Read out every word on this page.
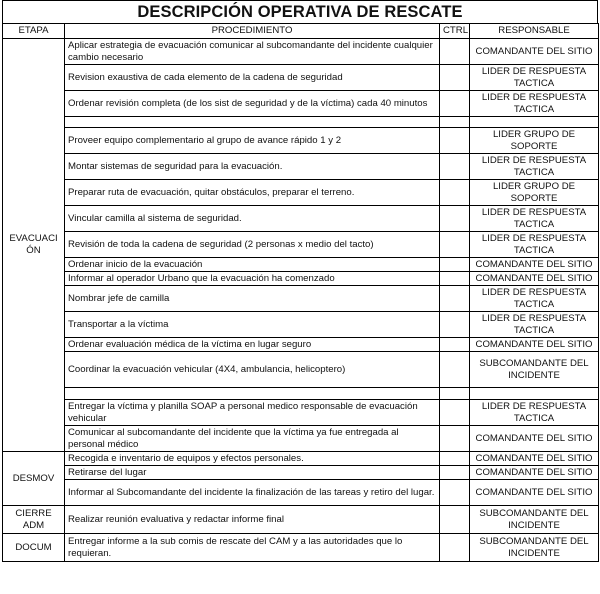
DESCRIPCIÓN OPERATIVA DE RESCATE
ETAPA	PROCEDIMIENTO	CTRL	RESPONSABLE
EVACUACIÓN	Aplicar estrategia de evacuación comunicar al subcomandante del incidente cualquier cambio necesario		COMANDANTE DEL SITIO
	Revision exaustiva de cada elemento de la cadena de seguridad		LIDER DE RESPUESTA TACTICA
	Ordenar revisión completa (de los sist de seguridad y de la víctima) cada 40 minutos		LIDER DE RESPUESTA TACTICA

	Proveer equipo complementario al grupo de avance rápido 1 y 2		LIDER GRUPO DE SOPORTE
	Montar sistemas de seguridad para la evacuación.		LIDER DE RESPUESTA TACTICA
	Preparar ruta de evacuación, quitar obstáculos, preparar el terreno.		LIDER GRUPO DE SOPORTE
	Vincular camilla al sistema de seguridad.		LIDER DE RESPUESTA TACTICA
	Revisión de toda la cadena de seguridad (2 personas x medio del tacto)		LIDER DE RESPUESTA TACTICA
	Ordenar inicio de la evacuación		COMANDANTE DEL SITIO
	Informar al operador Urbano que la evacuación ha comenzado		COMANDANTE DEL SITIO
	Nombrar jefe de camilla		LIDER DE RESPUESTA TACTICA
	Transportar a la víctima		LIDER DE RESPUESTA TACTICA
	Ordenar evaluación médica de la víctima en lugar seguro		COMANDANTE DEL SITIO
	Coordinar la evacuación vehicular (4X4, ambulancia, helicoptero)		SUBCOMANDANTE DEL INCIDENTE

	Entregar la víctima y planilla SOAP a personal medico responsable de evacuación vehicular		LIDER DE RESPUESTA TACTICA
	Comunicar al subcomandante del incidente que la víctima ya fue entregada al personal médico		COMANDANTE DEL SITIO
DESMOV	Recogida e inventario de equipos y efectos personales.		COMANDANTE DEL SITIO
	Retirarse del lugar		COMANDANTE DEL SITIO
	Informar al Subcomandante del incidente la finalización de las tareas y retiro del lugar.		COMANDANTE DEL SITIO
CIERRE ADM	Realizar reunión evaluativa y redactar informe final		SUBCOMANDANTE DEL INCIDENTE
DOCUM	Entregar informe a la sub comis de rescate del CAM y a las autoridades que lo requieran.		SUBCOMANDANTE DEL INCIDENTE
